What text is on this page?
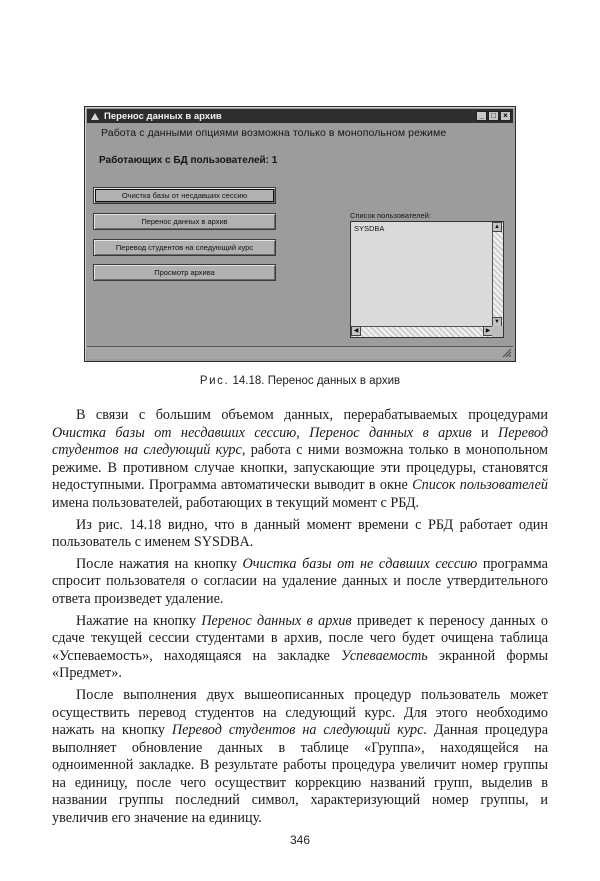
Перенос данных в архив	_ □ ×
Работа с данными опциями возможна только в монопольном режиме
Работающих с БД пользователей: 1
Очистка базы от несдавших сессию
Перенос данных в архив
Перевод студентов на следующий курс
Просмотр архива
Список пользователей:
SYSDBA	▲
▼
◀	▶
Рис. 14.18. Перенос данных в архив

В связи с большим объемом данных, перерабатываемых процедурами Очистка базы от несдавших сессию, Перенос данных в архив и Перевод студентов на следующий курс, работа с ними возможна только в монопольном режиме. В противном случае кнопки, запускающие эти процедуры, становятся недоступными. Программа автоматически выводит в окне Список пользователей имена пользователей, работающих в текущий момент с РБД.

Из рис. 14.18 видно, что в данный момент времени с РБД работает один пользователь с именем SYSDBA.

После нажатия на кнопку Очистка базы от не сдавших сессию программа спросит пользователя о согласии на удаление данных и после утвердительного ответа произведет удаление.

Нажатие на кнопку Перенос данных в архив приведет к переносу данных о сдаче текущей сессии студентами в архив, после чего будет очищена таблица «Успеваемость», находящаяся на закладке Успеваемость экранной формы «Предмет».

После выполнения двух вышеописанных процедур пользователь может осуществить перевод студентов на следующий курс. Для этого необходимо нажать на кнопку Перевод студентов на следующий курс. Данная процедура выполняет обновление данных в таблице «Группа», находящейся на одноименной закладке. В результате работы процедура увеличит номер группы на единицу, после чего осуществит коррекцию названий групп, выделив в названии группы последний символ, характеризующий номер группы, и увеличив его значение на единицу.

346
